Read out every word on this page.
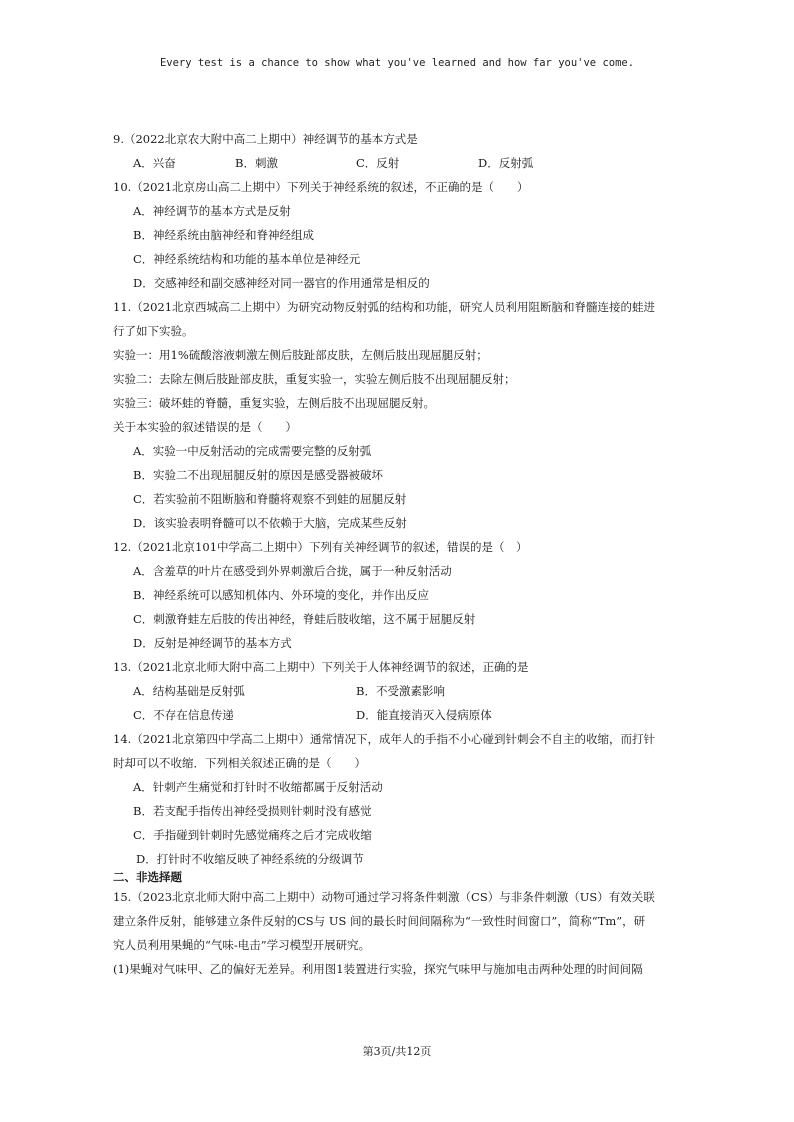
Every test is a chance to show what you've learned and how far you've come.
9.（2022北京农大附中高二上期中）神经调节的基本方式是
A．兴奋	B．刺激	C．反射	D．反射弧
10.（2021北京房山高二上期中）下列关于神经系统的叙述，不正确的是（　　）
A．神经调节的基本方式是反射
B．神经系统由脑神经和脊神经组成
C．神经系统结构和功能的基本单位是神经元
D．交感神经和副交感神经对同一器官的作用通常是相反的
11.（2021北京西城高二上期中）为研究动物反射弧的结构和功能，研究人员利用阻断脑和脊髓连接的蛙进
行了如下实验。
实验一：用1%硫酸溶液刺激左侧后肢趾部皮肤，左侧后肢出现屈腿反射；
实验二：去除左侧后肢趾部皮肤，重复实验一，实验左侧后肢不出现屈腿反射；
实验三：破坏蛙的脊髓，重复实验，左侧后肢不出现屈腿反射。
关于本实验的叙述错误的是（　　）
A．实验一中反射活动的完成需要完整的反射弧
B．实验二不出现屈腿反射的原因是感受器被破坏
C．若实验前不阻断脑和脊髓将观察不到蛙的屈腿反射
D．该实验表明脊髓可以不依赖于大脑，完成某些反射
12.（2021北京101中学高二上期中）下列有关神经调节的叙述，错误的是（　）
A．含羞草的叶片在感受到外界刺激后合拢，属于一种反射活动
B．神经系统可以感知机体内、外环境的变化，并作出反应
C．刺激脊蛙左后肢的传出神经，脊蛙后肢收缩，这不属于屈腿反射
D．反射是神经调节的基本方式
13.（2021北京北师大附中高二上期中）下列关于人体神经调节的叙述，正确的是
A．结构基础是反射弧	B．不受激素影响
C．不存在信息传递	D．能直接消灭入侵病原体
14.（2021北京第四中学高二上期中）通常情况下，成年人的手指不小心碰到针刺会不自主的收缩，而打针
时却可以不收缩．下列相关叙述正确的是（　　）
A．针刺产生痛觉和打针时不收缩都属于反射活动
B．若支配手指传出神经受损则针刺时没有感觉
C．手指碰到针刺时先感觉痛疼之后才完成收缩
D．打针时不收缩反映了神经系统的分级调节
二、非选择题
15.（2023北京北师大附中高二上期中）动物可通过学习将条件刺激（CS）与非条件刺激（US）有效关联
建立条件反射，能够建立条件反射的CS与 US 间的最长时间间隔称为“一致性时间窗口”，简称“Tm”，研
究人员利用果蝇的“气味-电击”学习模型开展研究。
(1)果蝇对气味甲、乙的偏好无差异。利用图1装置进行实验，探究气味甲与施加电击两种处理的时间间隔
第3页/共12页
